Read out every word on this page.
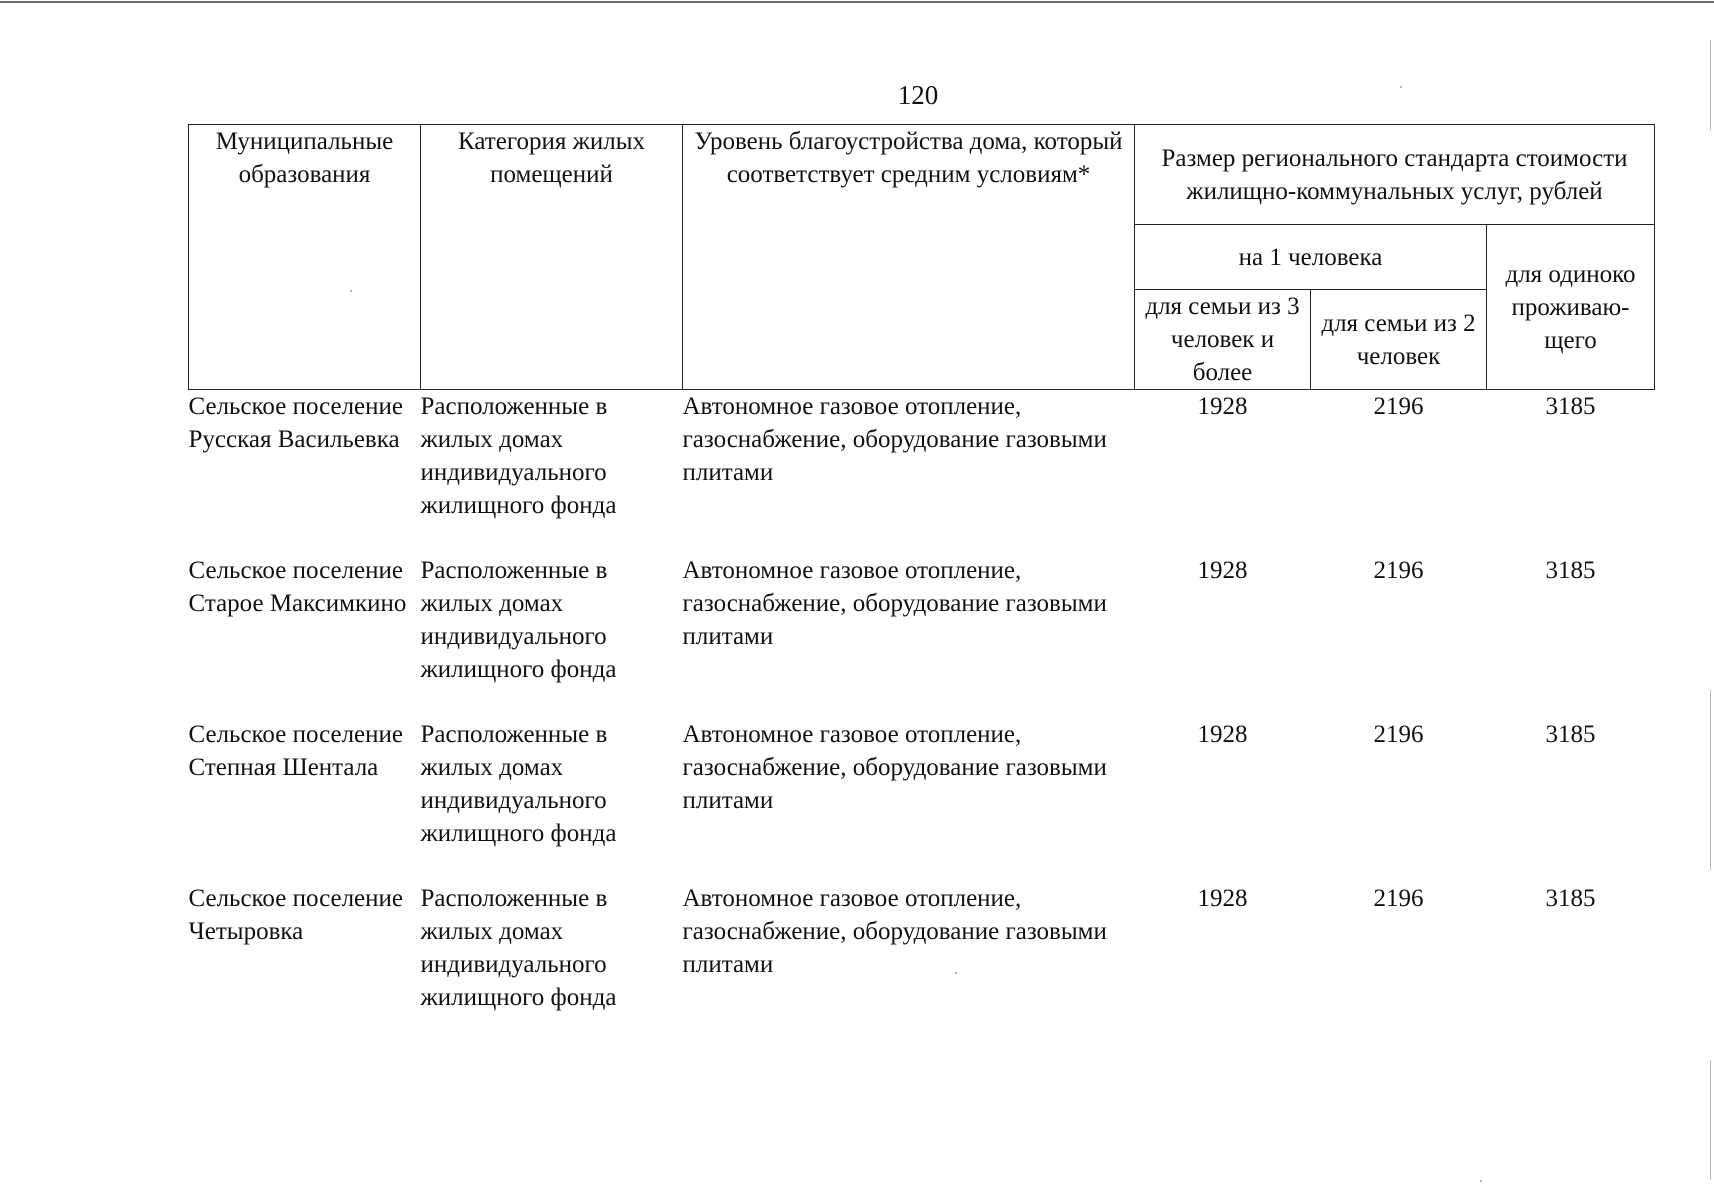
120
Муниципальные образования	Категория жилых помещений	Уровень благоустройства дома, который соответствует средним условиям*	Размер регионального стандарта стоимости жилищно-коммунальных услуг, рублей		
			на 1 человека		для одиноко проживаю-щего
			для семьи из 3 человек и более	для семьи из 2 человек	
Сельское поселение Русская Васильевка	Расположенные в жилых домах индивидуального жилищного фонда	Автономное газовое отопление, газоснабжение, оборудование газовыми плитами	1928	2196	3185
Сельское поселение Старое Максимкино	Расположенные в жилых домах индивидуального жилищного фонда	Автономное газовое отопление, газоснабжение, оборудование газовыми плитами	1928	2196	3185
Сельское поселение Степная Шентала	Расположенные в жилых домах индивидуального жилищного фонда	Автономное газовое отопление, газоснабжение, оборудование газовыми плитами	1928	2196	3185
Сельское поселение Четыровка	Расположенные в жилых домах индивидуального жилищного фонда	Автономное газовое отопление, газоснабжение, оборудование газовыми плитами	1928	2196	3185
